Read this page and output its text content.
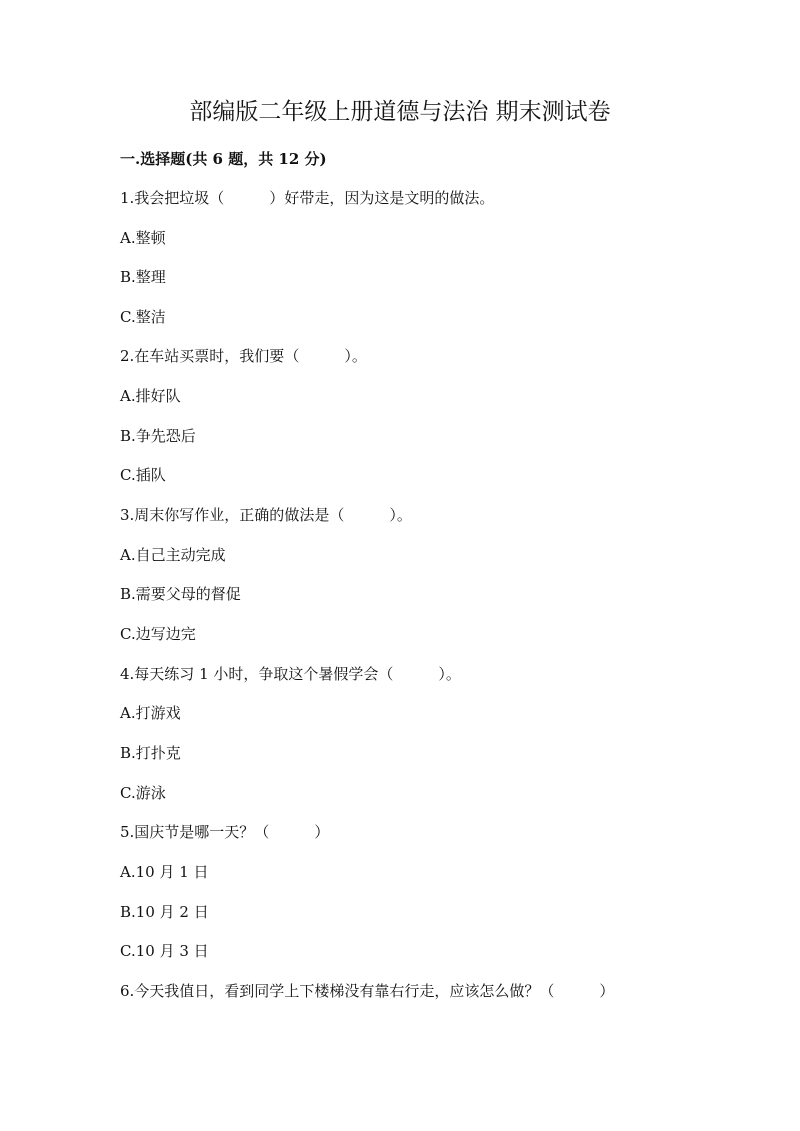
部编版二年级上册道德与法治 期末测试卷

一.选择题(共 6 题，共 12 分)

1.我会把垃圾（　　　）好带走，因为这是文明的做法。

A.整顿

B.整理

C.整洁

2.在车站买票时，我们要（　　　）。

A.排好队

B.争先恐后

C.插队

3.周末你写作业，正确的做法是（　　　）。

A.自己主动完成

B.需要父母的督促

C.边写边完

4.每天练习 1 小时，争取这个暑假学会（　　　）。

A.打游戏

B.打扑克

C.游泳

5.国庆节是哪一天？（　　　）

A.10 月 1 日

B.10 月 2 日

C.10 月 3 日

6.今天我值日，看到同学上下楼梯没有靠右行走，应该怎么做？（　　　）
